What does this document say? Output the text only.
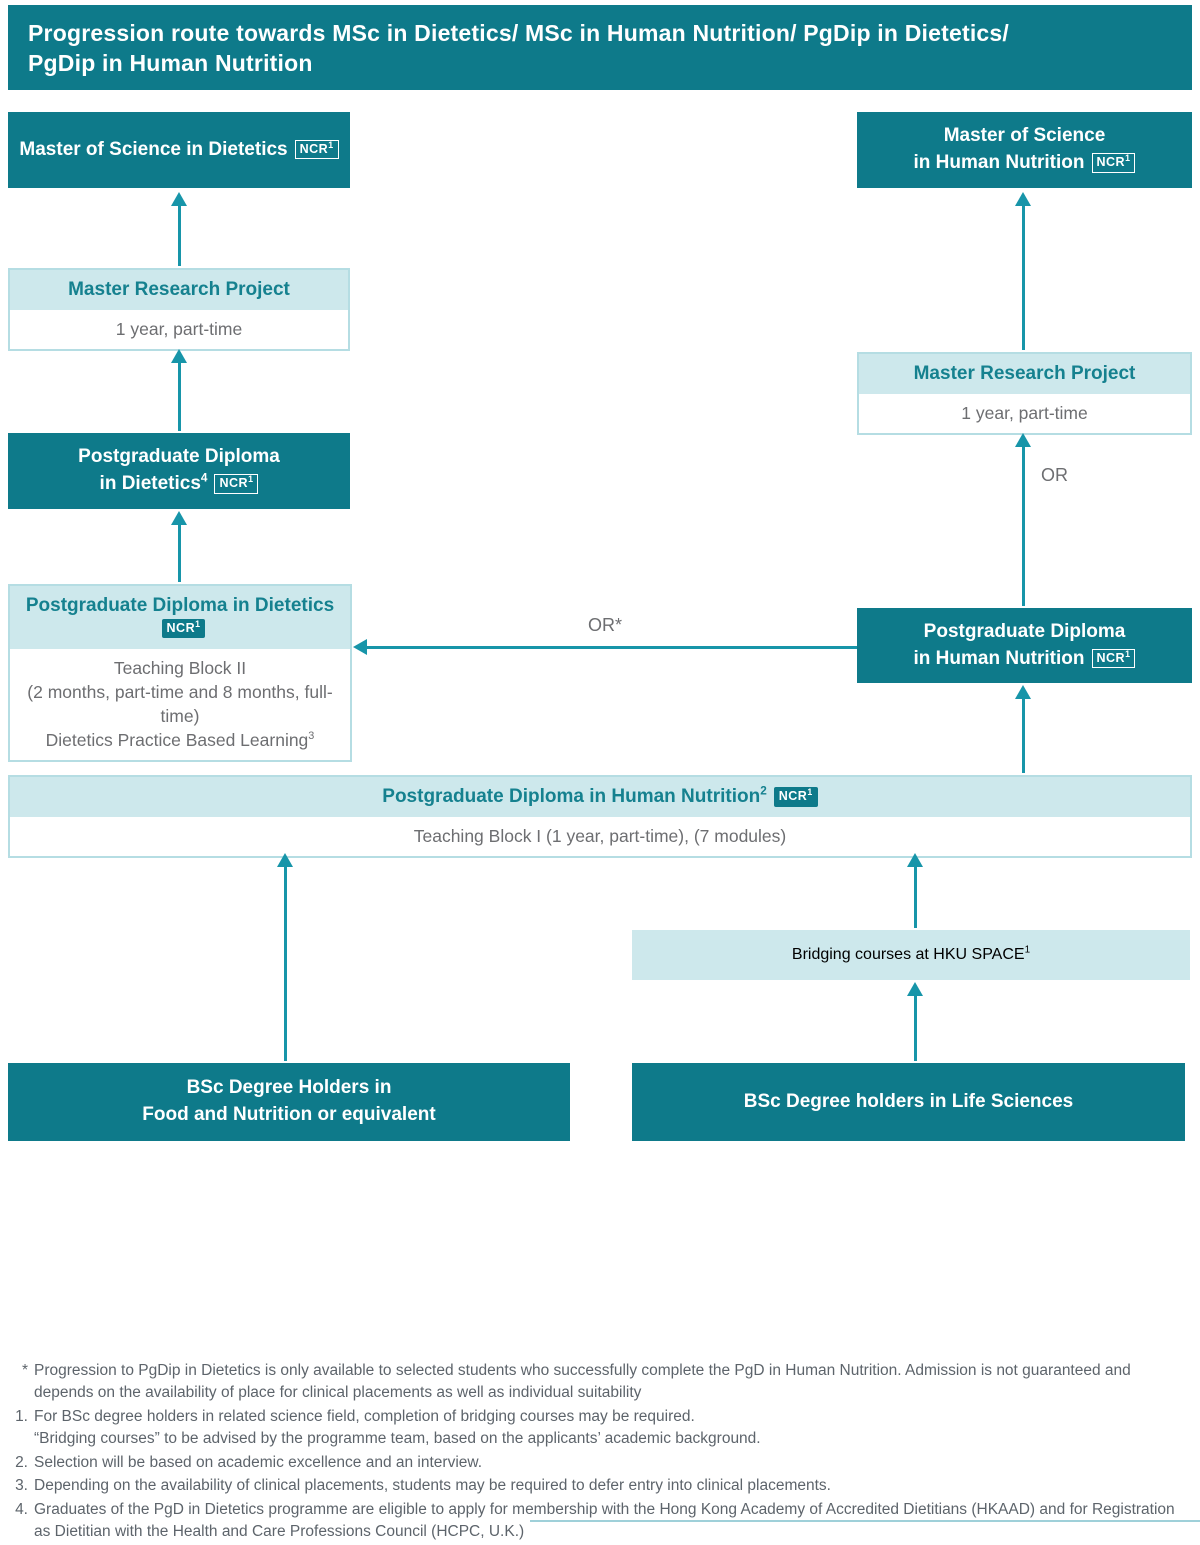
Progression route towards MSc in Dietetics/ MSc in Human Nutrition/ PgDip in Dietetics/
PgDip in Human Nutrition
Master of Science in Dietetics NCR$^1$
Master Research Project
1 year, part-time
Postgraduate Diploma
in Dietetics$^4$ NCR$^1$
Postgraduate Diploma in DieteticsNCR$^1$
Teaching Block II
(2 months, part-time and 8 months, full-time)
Dietetics Practice Based Learning$^3$
Master of Science
in Human Nutrition NCR$^1$
Master Research Project
1 year, part-time
OR
Postgraduate Diploma
in Human Nutrition NCR$^1$
OR*
Postgraduate Diploma in Human Nutrition$^2$ NCR$^1$
Teaching Block I (1 year, part-time), (7 modules)
Bridging courses at HKU SPACE$^1$
BSc Degree Holders in
Food and Nutrition or equivalent
BSc Degree holders in Life Sciences
* Progression to PgDip in Dietetics is only available to selected students who successfully complete the PgD in Human Nutrition. Admission is not guaranteed and
depends on the availability of place for clinical placements as well as individual suitability
1. For BSc degree holders in related science field, completion of bridging courses may be required.
“Bridging courses” to be advised by the programme team, based on the applicants’ academic background.
2. Selection will be based on academic excellence and an interview.
3. Depending on the availability of clinical placements, students may be required to defer entry into clinical placements.
4. Graduates of the PgD in Dietetics programme are eligible to apply for membership with the Hong Kong Academy of Accredited Dietitians (HKAAD) and for Registration
as Dietitian with the Health and Care Professions Council (HCPC, U.K.)
